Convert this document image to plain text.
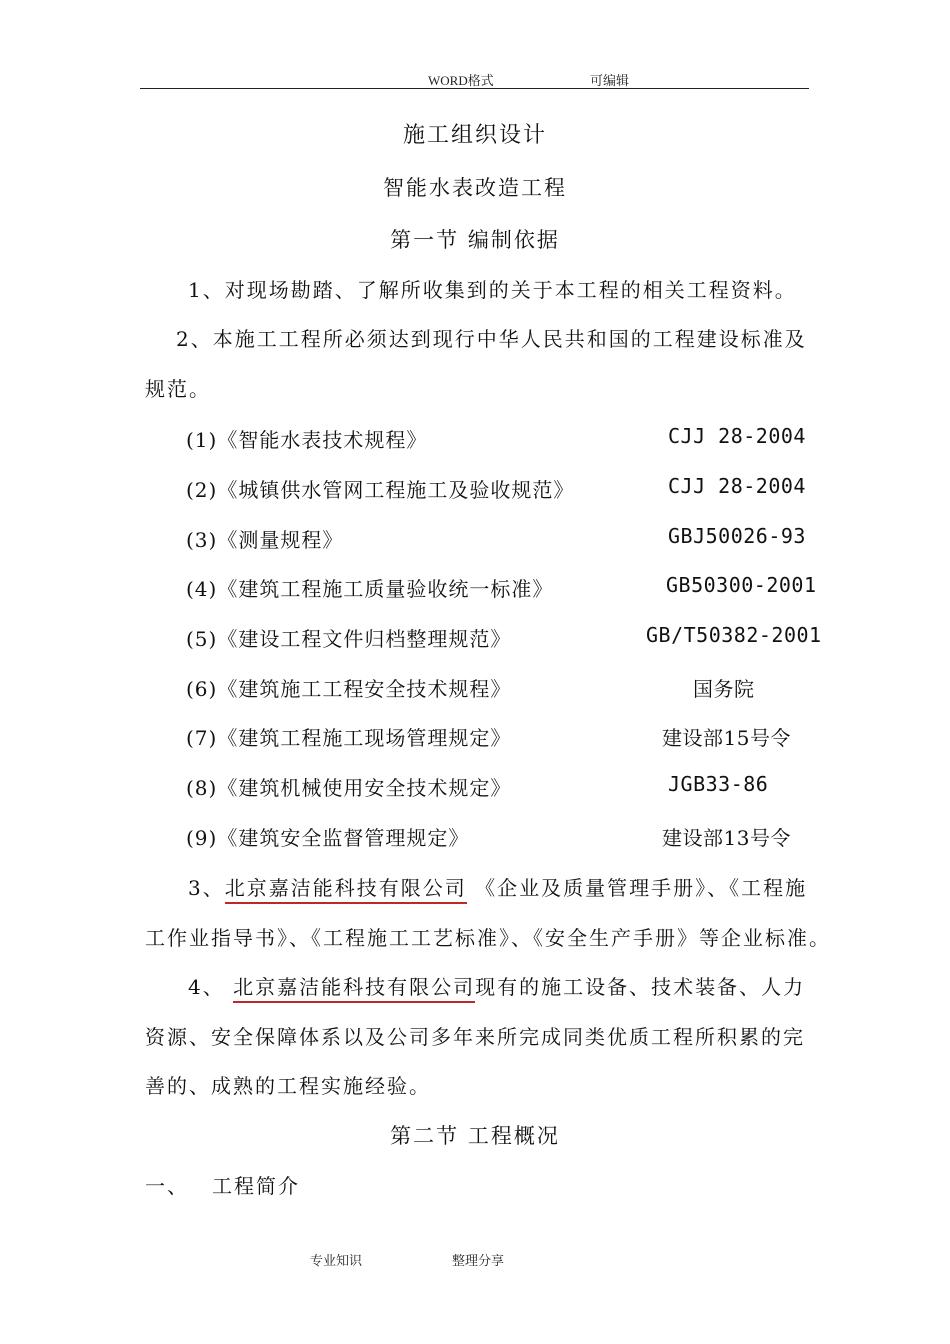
WORD格式	可编辑
施工组织设计
智能水表改造工程
第一节 编制依据
1、对现场勘踏、了解所收集到的关于本工程的相关工程资料。
2、本施工工程所必须达到现行中华人民共和国的工程建设标准及
规范。
(1)《智能水表技术规程》	CJJ 28-2004
(2)《城镇供水管网工程施工及验收规范》	CJJ 28-2004
(3)《测量规程》	GBJ50026-93
(4)《建筑工程施工质量验收统一标准》	GB50300-2001
(5)《建设工程文件归档整理规范》	GB/T50382-2001
(6)《建筑施工工程安全技术规程》	国务院
(7)《建筑工程施工现场管理规定》	建设部15号令
(8)《建筑机械使用安全技术规定》	JGB33-86
(9)《建筑安全监督管理规定》	建设部13号令
3、北京嘉洁能科技有限公司 《企业及质量管理手册》、《工程施
工作业指导书》、《工程施工工艺标准》、《安全生产手册》等企业标准。
4、 北京嘉洁能科技有限公司现有的施工设备、技术装备、人力
资源、安全保障体系以及公司多年来所完成同类优质工程所积累的完
善的、成熟的工程实施经验。
第二节 工程概况
一、 工程简介
专业知识	整理分享
